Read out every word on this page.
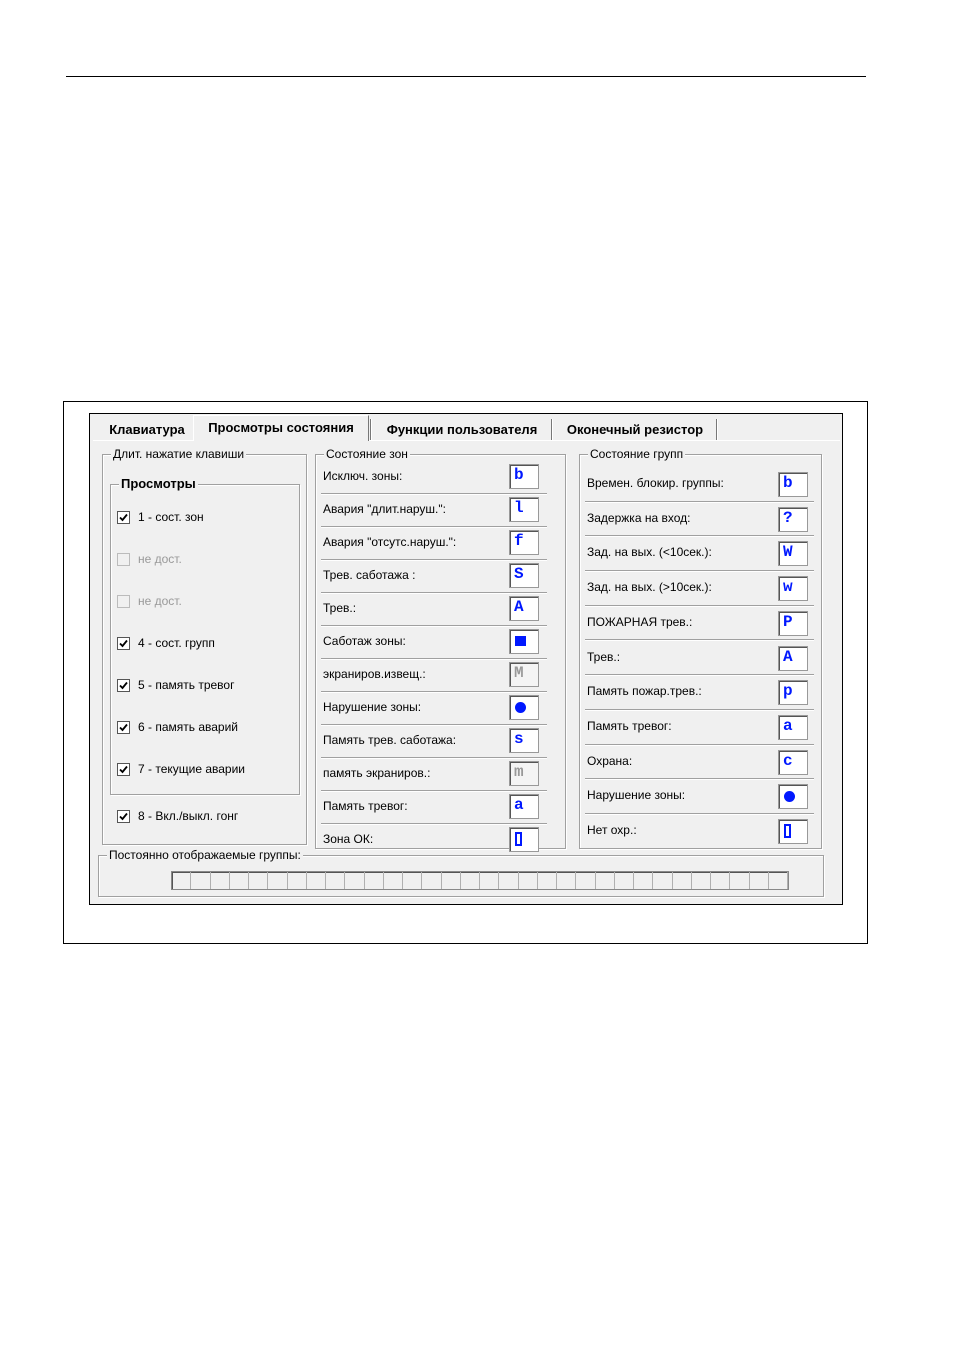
Клавиатура	Просмотры состояния	Функции пользователя	Оконечный резистор
Длит. нажатие клавиши
Просмотры
1 - сост. зон
не дост.
не дост.
4 - сост. групп
5 - память тревог
6 - память аварий
7 - текущие аварии
8 - Вкл./выкл. гонг
Состояние зон
Исключ. зоны:	b
Авария "длит.наруш.":	l
Авария "отсутс.наруш.":	f
Трев. саботажа :	S
Трев.:	A
Саботаж зоны:
экраниров.извещ.:	M
Нарушение зоны:
Память трев. саботажа:	s
память экраниров.:	m
Память тревог:	a
Зона ОК:
Состояние групп
Времен. блокир. группы:	b
Задержка на вход:	?
Зад. на вых. (<10сек.):	W
Зад. на вых. (>10сек.):	w
ПОЖАРНАЯ трев.:	P
Трев.:	A
Память пожар.трев.:	p
Память тревог:	a
Охрана:	c
Нарушение зоны:
Нет охр.:
Постоянно отображаемые группы:
